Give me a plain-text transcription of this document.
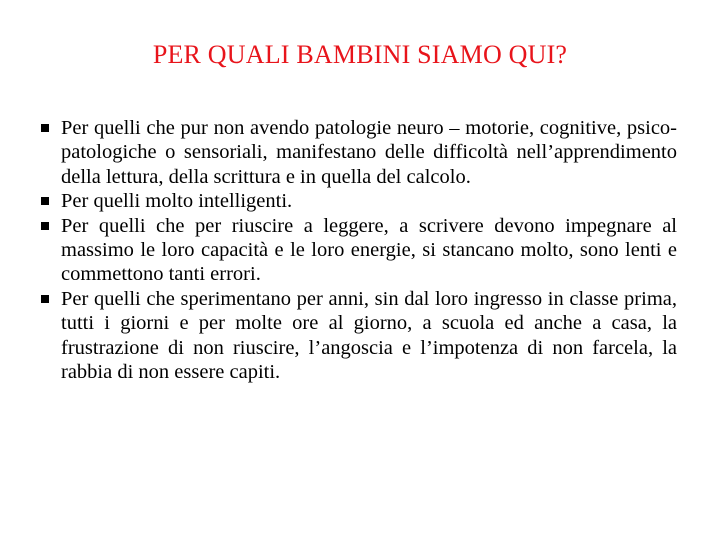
PER QUALI BAMBINI SIAMO QUI?
Per quelli che pur non avendo patologie neuro – motorie, cognitive, psico-patologiche o sensoriali, manifestano delle difficoltà nell’apprendimento della lettura, della scrittura e in quella del calcolo.
Per quelli molto intelligenti.
Per quelli che per riuscire a leggere, a scrivere devono impegnare al massimo le loro capacità e le loro energie, si stancano molto, sono lenti e commettono tanti errori.
Per quelli che sperimentano per anni, sin dal loro ingresso in classe prima, tutti i giorni e per molte ore al giorno, a scuola ed anche a casa, la frustrazione di non riuscire, l’angoscia e l’impotenza di non farcela, la rabbia di non essere capiti.
